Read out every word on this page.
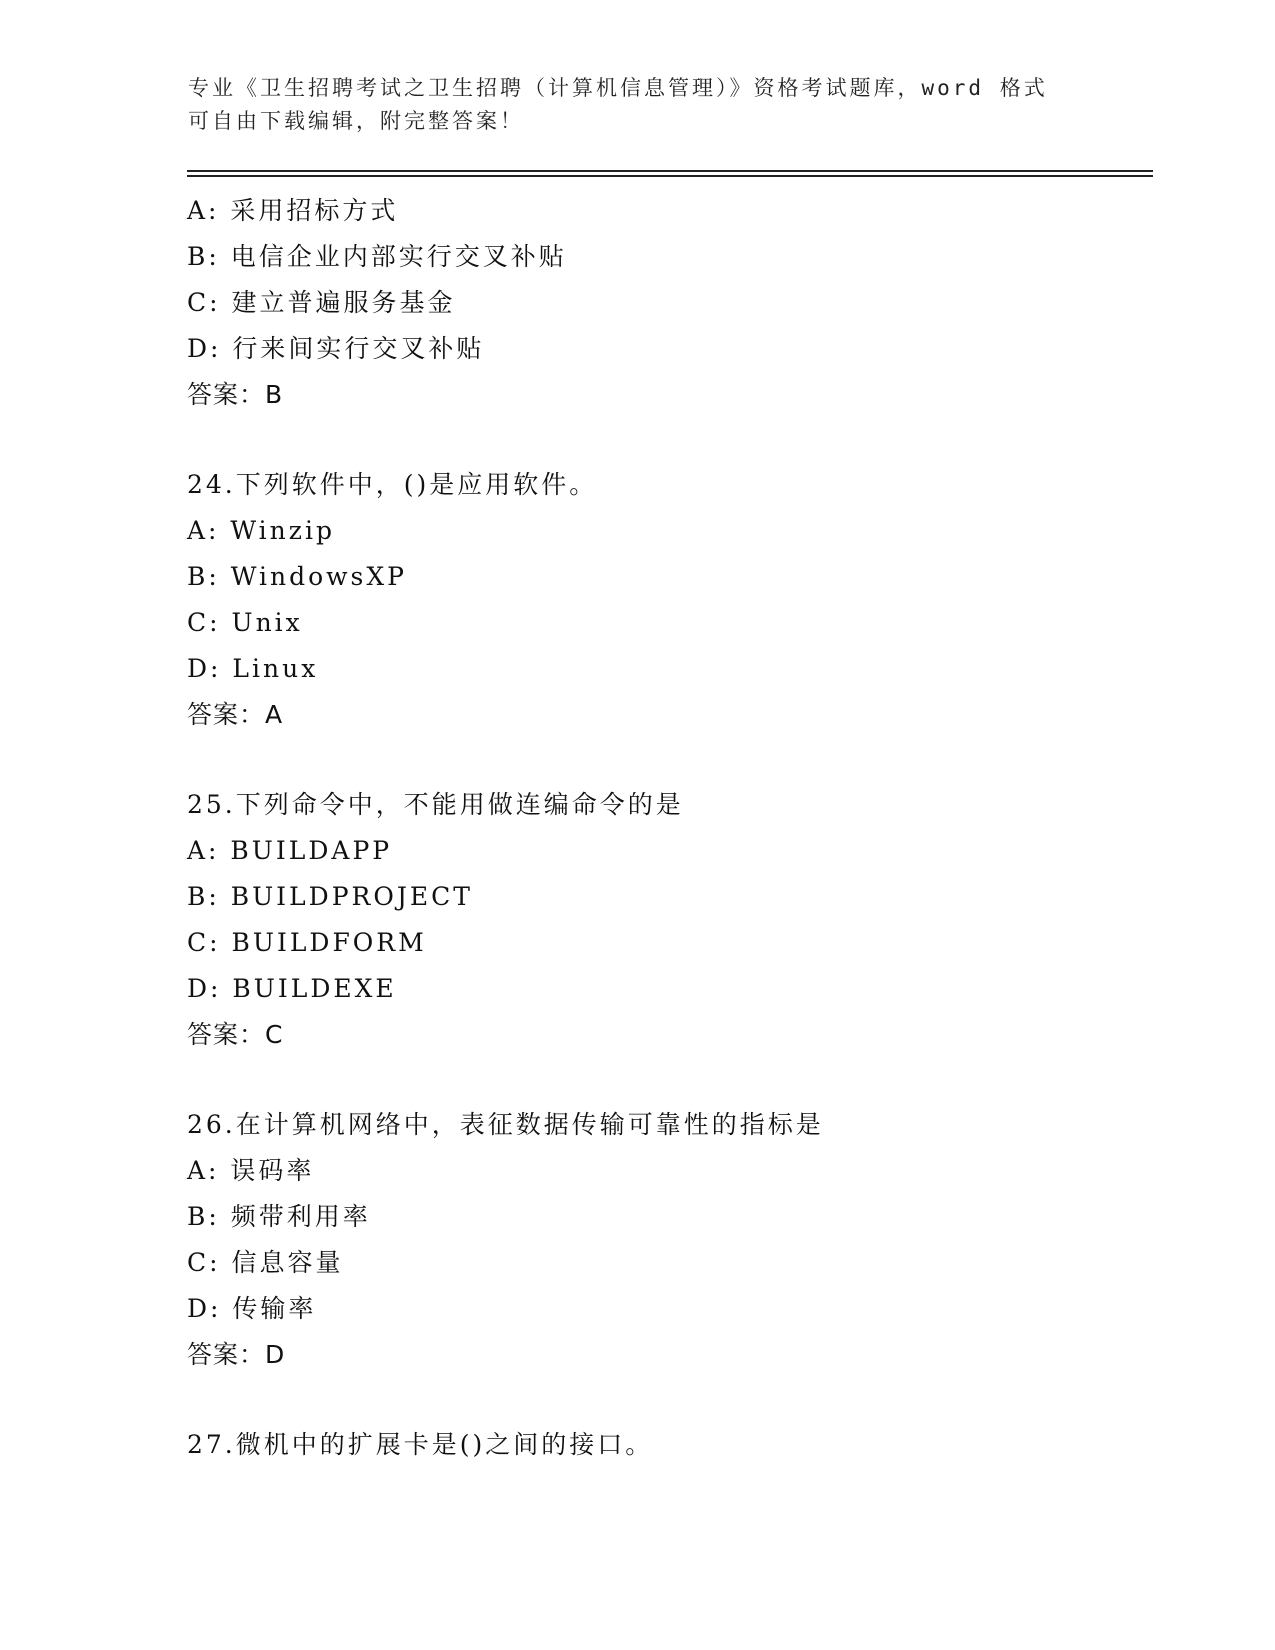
专业《卫生招聘考试之卫生招聘（计算机信息管理）》资格考试题库，word 格式
可自由下载编辑，附完整答案！
A: 采用招标方式
B: 电信企业内部实行交叉补贴
C: 建立普遍服务基金
D: 行来间实行交叉补贴
答案：B
24.下列软件中，()是应用软件。
A: Winzip
B: WindowsXP
C: Unix
D: Linux
答案：A
25.下列命令中，不能用做连编命令的是
A: BUILDAPP
B: BUILDPROJECT
C: BUILDFORM
D: BUILDEXE
答案：C
26.在计算机网络中，表征数据传输可靠性的指标是
A: 误码率
B: 频带利用率
C: 信息容量
D: 传输率
答案：D
27.微机中的扩展卡是()之间的接口。
